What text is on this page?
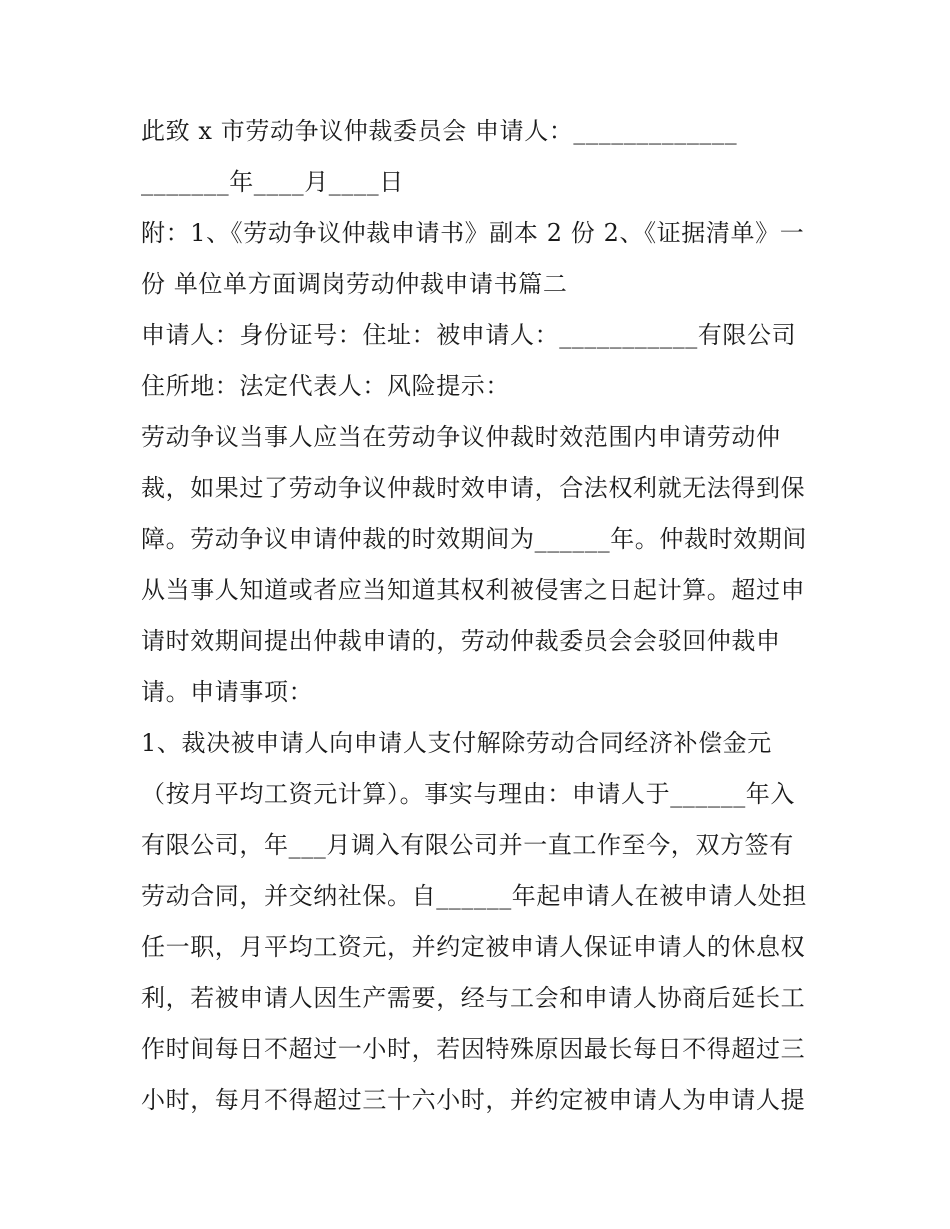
此致 x 市劳动争议仲裁委员会 申请人：_____________
_______年____月____日
附：1、《劳动争议仲裁申请书》副本 2 份 2、《证据清单》一
份 单位单方面调岗劳动仲裁申请书篇二
申请人：身份证号：住址：被申请人：___________有限公司
住所地：法定代表人：风险提示：
劳动争议当事人应当在劳动争议仲裁时效范围内申请劳动仲
裁，如果过了劳动争议仲裁时效申请，合法权利就无法得到保
障。劳动争议申请仲裁的时效期间为______年。仲裁时效期间
从当事人知道或者应当知道其权利被侵害之日起计算。超过申
请时效期间提出仲裁申请的，劳动仲裁委员会会驳回仲裁申
请。申请事项：
1、裁决被申请人向申请人支付解除劳动合同经济补偿金元
（按月平均工资元计算）。事实与理由：申请人于______年入
有限公司，年___月调入有限公司并一直工作至今，双方签有
劳动合同，并交纳社保。自______年起申请人在被申请人处担
任一职，月平均工资元，并约定被申请人保证申请人的休息权
利，若被申请人因生产需要，经与工会和申请人协商后延长工
作时间每日不超过一小时，若因特殊原因最长每日不得超过三
小时，每月不得超过三十六小时，并约定被申请人为申请人提
